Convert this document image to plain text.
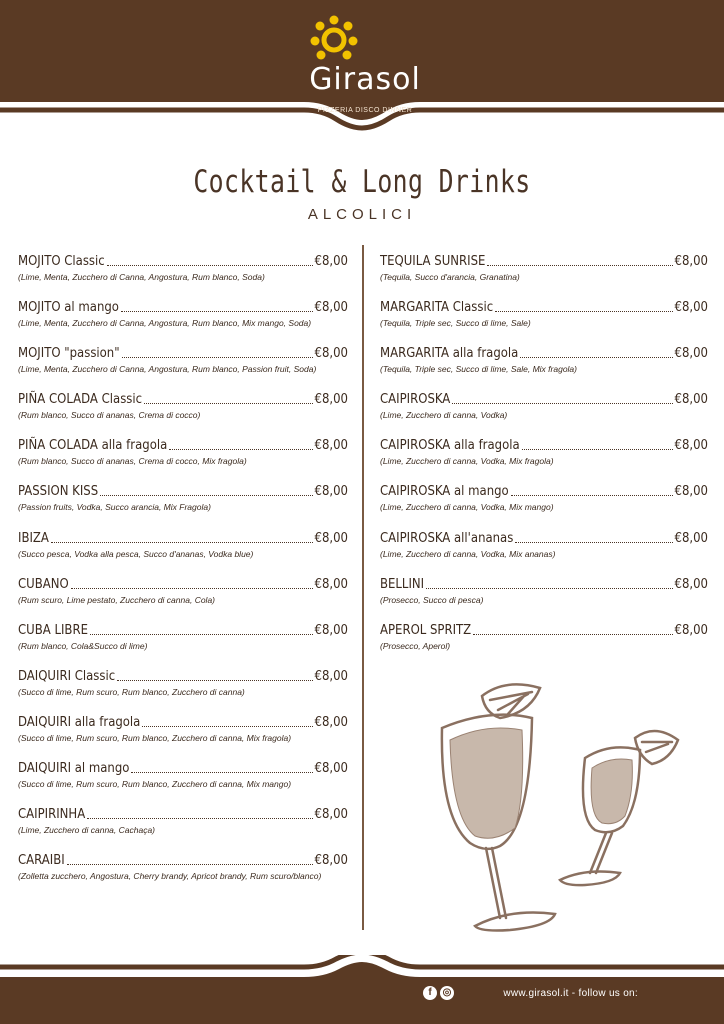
Girasol
PIZZERIA DISCO DINNER
Cocktail & Long Drinks
ALCOLICI
MOJITO Classic	€8,00
(Lime, Menta, Zucchero di Canna, Angostura, Rum blanco, Soda)
MOJITO al mango	€8,00
(Lime, Menta, Zucchero di Canna, Angostura, Rum blanco, Mix mango, Soda)
MOJITO "passion"	€8,00
(Lime, Menta, Zucchero di Canna, Angostura, Rum blanco, Passion fruit, Soda)
PIÑA COLADA Classic	€8,00
(Rum blanco, Succo di ananas, Crema di cocco)
PIÑA COLADA alla fragola	€8,00
(Rum blanco, Succo di ananas, Crema di cocco, Mix fragola)
PASSION KISS	€8,00
(Passion fruits, Vodka, Succo arancia, Mix Fragola)
IBIZA	€8,00
(Succo pesca, Vodka alla pesca, Succo d'ananas, Vodka blue)
CUBANO	€8,00
(Rum scuro, Lime pestato, Zucchero di canna, Cola)
CUBA LIBRE	€8,00
(Rum blanco, Cola&Succo di lime)
DAIQUIRI Classic	€8,00
(Succo di lime, Rum scuro, Rum blanco, Zucchero di canna)
DAIQUIRI alla fragola	€8,00
(Succo di lime, Rum scuro, Rum blanco, Zucchero di canna, Mix fragola)
DAIQUIRI al mango	€8,00
(Succo di lime, Rum scuro, Rum blanco, Zucchero di canna, Mix mango)
CAIPIRINHA	€8,00
(Lime, Zucchero di canna, Cachaça)
CARAIBI	€8,00
(Zolletta zucchero, Angostura, Cherry brandy, Apricot brandy, Rum scuro/blanco)
TEQUILA SUNRISE	€8,00
(Tequila, Succo d'arancia, Granatina)
MARGARITA Classic	€8,00
(Tequila, Triple sec, Succo di lime, Sale)
MARGARITA alla fragola	€8,00
(Tequila, Triple sec, Succo di lime, Sale, Mix fragola)
CAIPIROSKA	€8,00
(Lime, Zucchero di canna, Vodka)
CAIPIROSKA alla fragola	€8,00
(Lime, Zucchero di canna, Vodka, Mix fragola)
CAIPIROSKA al mango	€8,00
(Lime, Zucchero di canna, Vodka, Mix mango)
CAIPIROSKA all'ananas	€8,00
(Lime, Zucchero di canna, Vodka, Mix ananas)
BELLINI	€8,00
(Prosecco, Succo di pesca)
APEROL SPRITZ	€8,00
(Prosecco, Aperol)
www.girasol.it - follow us on:
f	◎
